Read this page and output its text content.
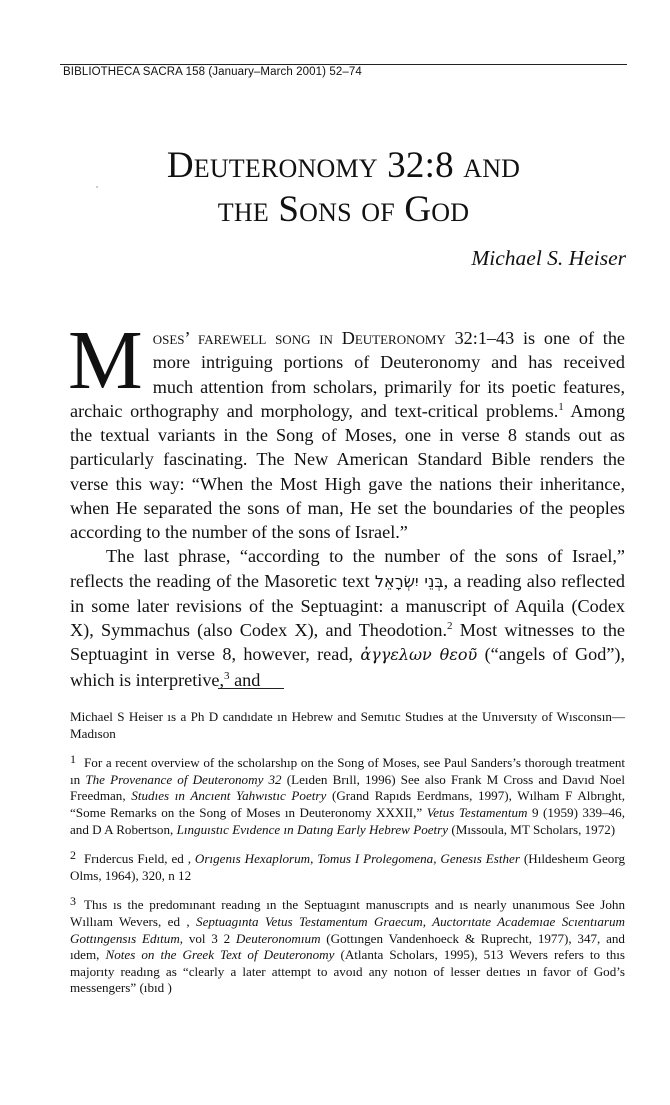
BIBLIOTHECA SACRA 158 (January–March 2001) 52–74
Deuteronomy 32:8 and
the Sons of God
Michael S. Heiser

Moses’ farewell song in Deuteronomy 32:1–43 is one of the more intriguing portions of Deuteronomy and has received much attention from scholars, primarily for its poetic features, archaic orthography and morphology, and text-critical problems.$^1$ Among the textual variants in the Song of Moses, one in verse 8 stands out as particularly fascinating. The New American Standard Bible renders the verse this way: “When the Most High gave the nations their inheritance, when He separated the sons of man, He set the boundaries of the peoples according to the number of the sons of Israel.”

The last phrase, “according to the number of the sons of Israel,” reflects the reading of the Masoretic text בְּנֵי יִשְׂרָאֵל, a reading also reflected in some later revisions of the Septuagint: a manuscript of Aquila (Codex X), Symmachus (also Codex X), and Theodotion.$^2$ Most witnesses to the Septuagint in verse 8, however, read, ἀγγελων θεοῦ (“angels of God”), which is interpretive,$^3$ and

Michael S Heiser ıs a Ph D candıdate ın Hebrew and Semıtıc Studıes at the Unıversıty of Wısconsın—Madıson

1 For a recent overview of the scholarshıp on the Song of Moses, see Paul Sanders’s thorough treatment ın The Provenance of Deuteronomy 32 (Leıden Brıll, 1996) See also Frank M Cross and Davıd Noel Freedman, Studıes ın Ancıent Yahwıstıc Poetry (Grand Rapıds Eerdmans, 1997), Wılham F Albrıght, “Some Remarks on the Song of Moses ın Deuteronomy XXXII,” Vetus Testamentum 9 (1959) 339–46, and D A Robertson, Lınguıstıc Evıdence ın Datıng Early Hebrew Poetry (Mıssoula, MT Scholars, 1972)

2 Frıdercus Fıeld, ed , Orıgenıs Hexaplorum, Tomus I Prolegomena, Genesıs Esther (Hıldesheım Georg Olms, 1964), 320, n 12

3 Thıs ıs the predomınant readıng ın the Septuagınt manuscrıpts and ıs nearly unanımous See John Wıllıam Wevers, ed , Septuagınta Vetus Testamentum Graecum, Auctorıtate Academıae Scıentıarum Gottıngensıs Edıtum, vol 3 2 Deuteronomıum (Gottıngen Vandenhoeck & Ruprecht, 1977), 347, and ıdem, Notes on the Greek Text of Deuteronomy (Atlanta Scholars, 1995), 513 Wevers refers to thıs majorıty readıng as “clearly a later attempt to avoıd any notıon of lesser deıtıes ın favor of God’s messengers” (ıbıd )
